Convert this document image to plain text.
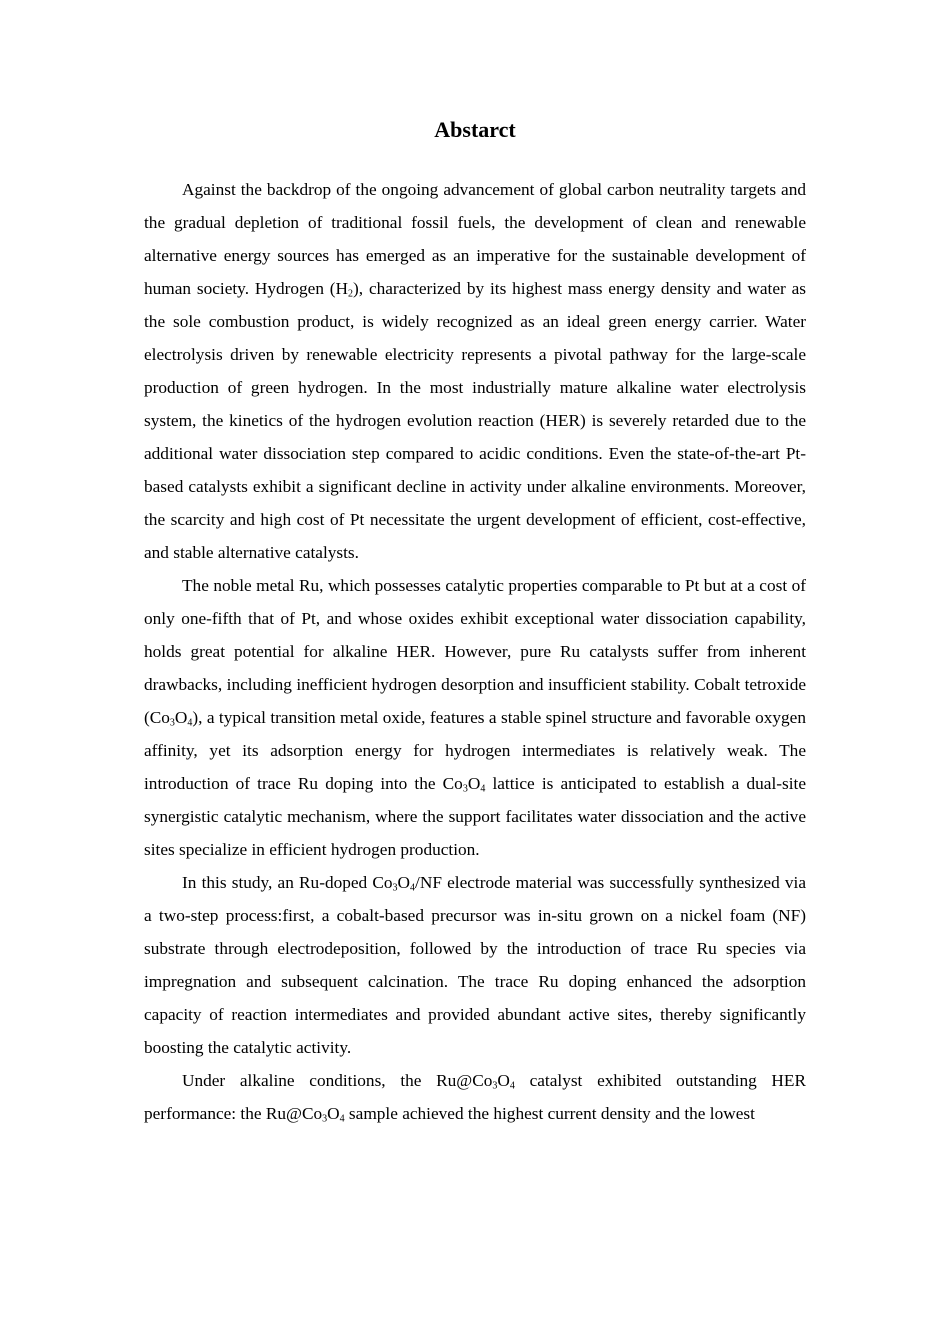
Abstarct

Against the backdrop of the ongoing advancement of global carbon neutrality targets and the gradual depletion of traditional fossil fuels, the development of clean and renewable alternative energy sources has emerged as an imperative for the sustainable development of human society. Hydrogen $(H_2)$, characterized by its highest mass energy density and water as the sole combustion product, is widely recognized as an ideal green energy carrier. Water electrolysis driven by renewable electricity represents a pivotal pathway for the large-scale production of green hydrogen. In the most industrially mature alkaline water electrolysis system, the kinetics of the hydrogen evolution reaction (HER) is severely retarded due to the additional water dissociation step compared to acidic conditions. Even the state-of-the-art Pt-based catalysts exhibit a significant decline in activity under alkaline environments. Moreover, the scarcity and high cost of Pt necessitate the urgent development of efficient, cost-effective, and stable alternative catalysts.

The noble metal Ru, which possesses catalytic properties comparable to Pt but at a cost of only one-fifth that of Pt, and whose oxides exhibit exceptional water dissociation capability, holds great potential for alkaline HER. However, pure Ru catalysts suffer from inherent drawbacks, including inefficient hydrogen desorption and insufficient stability. Cobalt tetroxide $(Co_3O_4)$, a typical transition metal oxide, features a stable spinel structure and favorable oxygen affinity, yet its adsorption energy for hydrogen intermediates is relatively weak. The introduction of trace Ru doping into the $Co_3O_4$ lattice is anticipated to establish a dual-site synergistic catalytic mechanism, where the support facilitates water dissociation and the active sites specialize in efficient hydrogen production.

In this study, an Ru-doped $Co_3O_4/NF$ electrode material was successfully synthesized via a two-step process:first, a cobalt-based precursor was in-situ grown on a nickel foam (NF) substrate through electrodeposition, followed by the introduction of trace Ru species via impregnation and subsequent calcination. The trace Ru doping enhanced the adsorption capacity of reaction intermediates and provided abundant active sites, thereby significantly boosting the catalytic activity.

Under alkaline conditions, the $Ru@Co_3O_4$ catalyst exhibited outstanding HER performance: the $Ru@Co_3O_4$ sample achieved the highest current density and the lowest
